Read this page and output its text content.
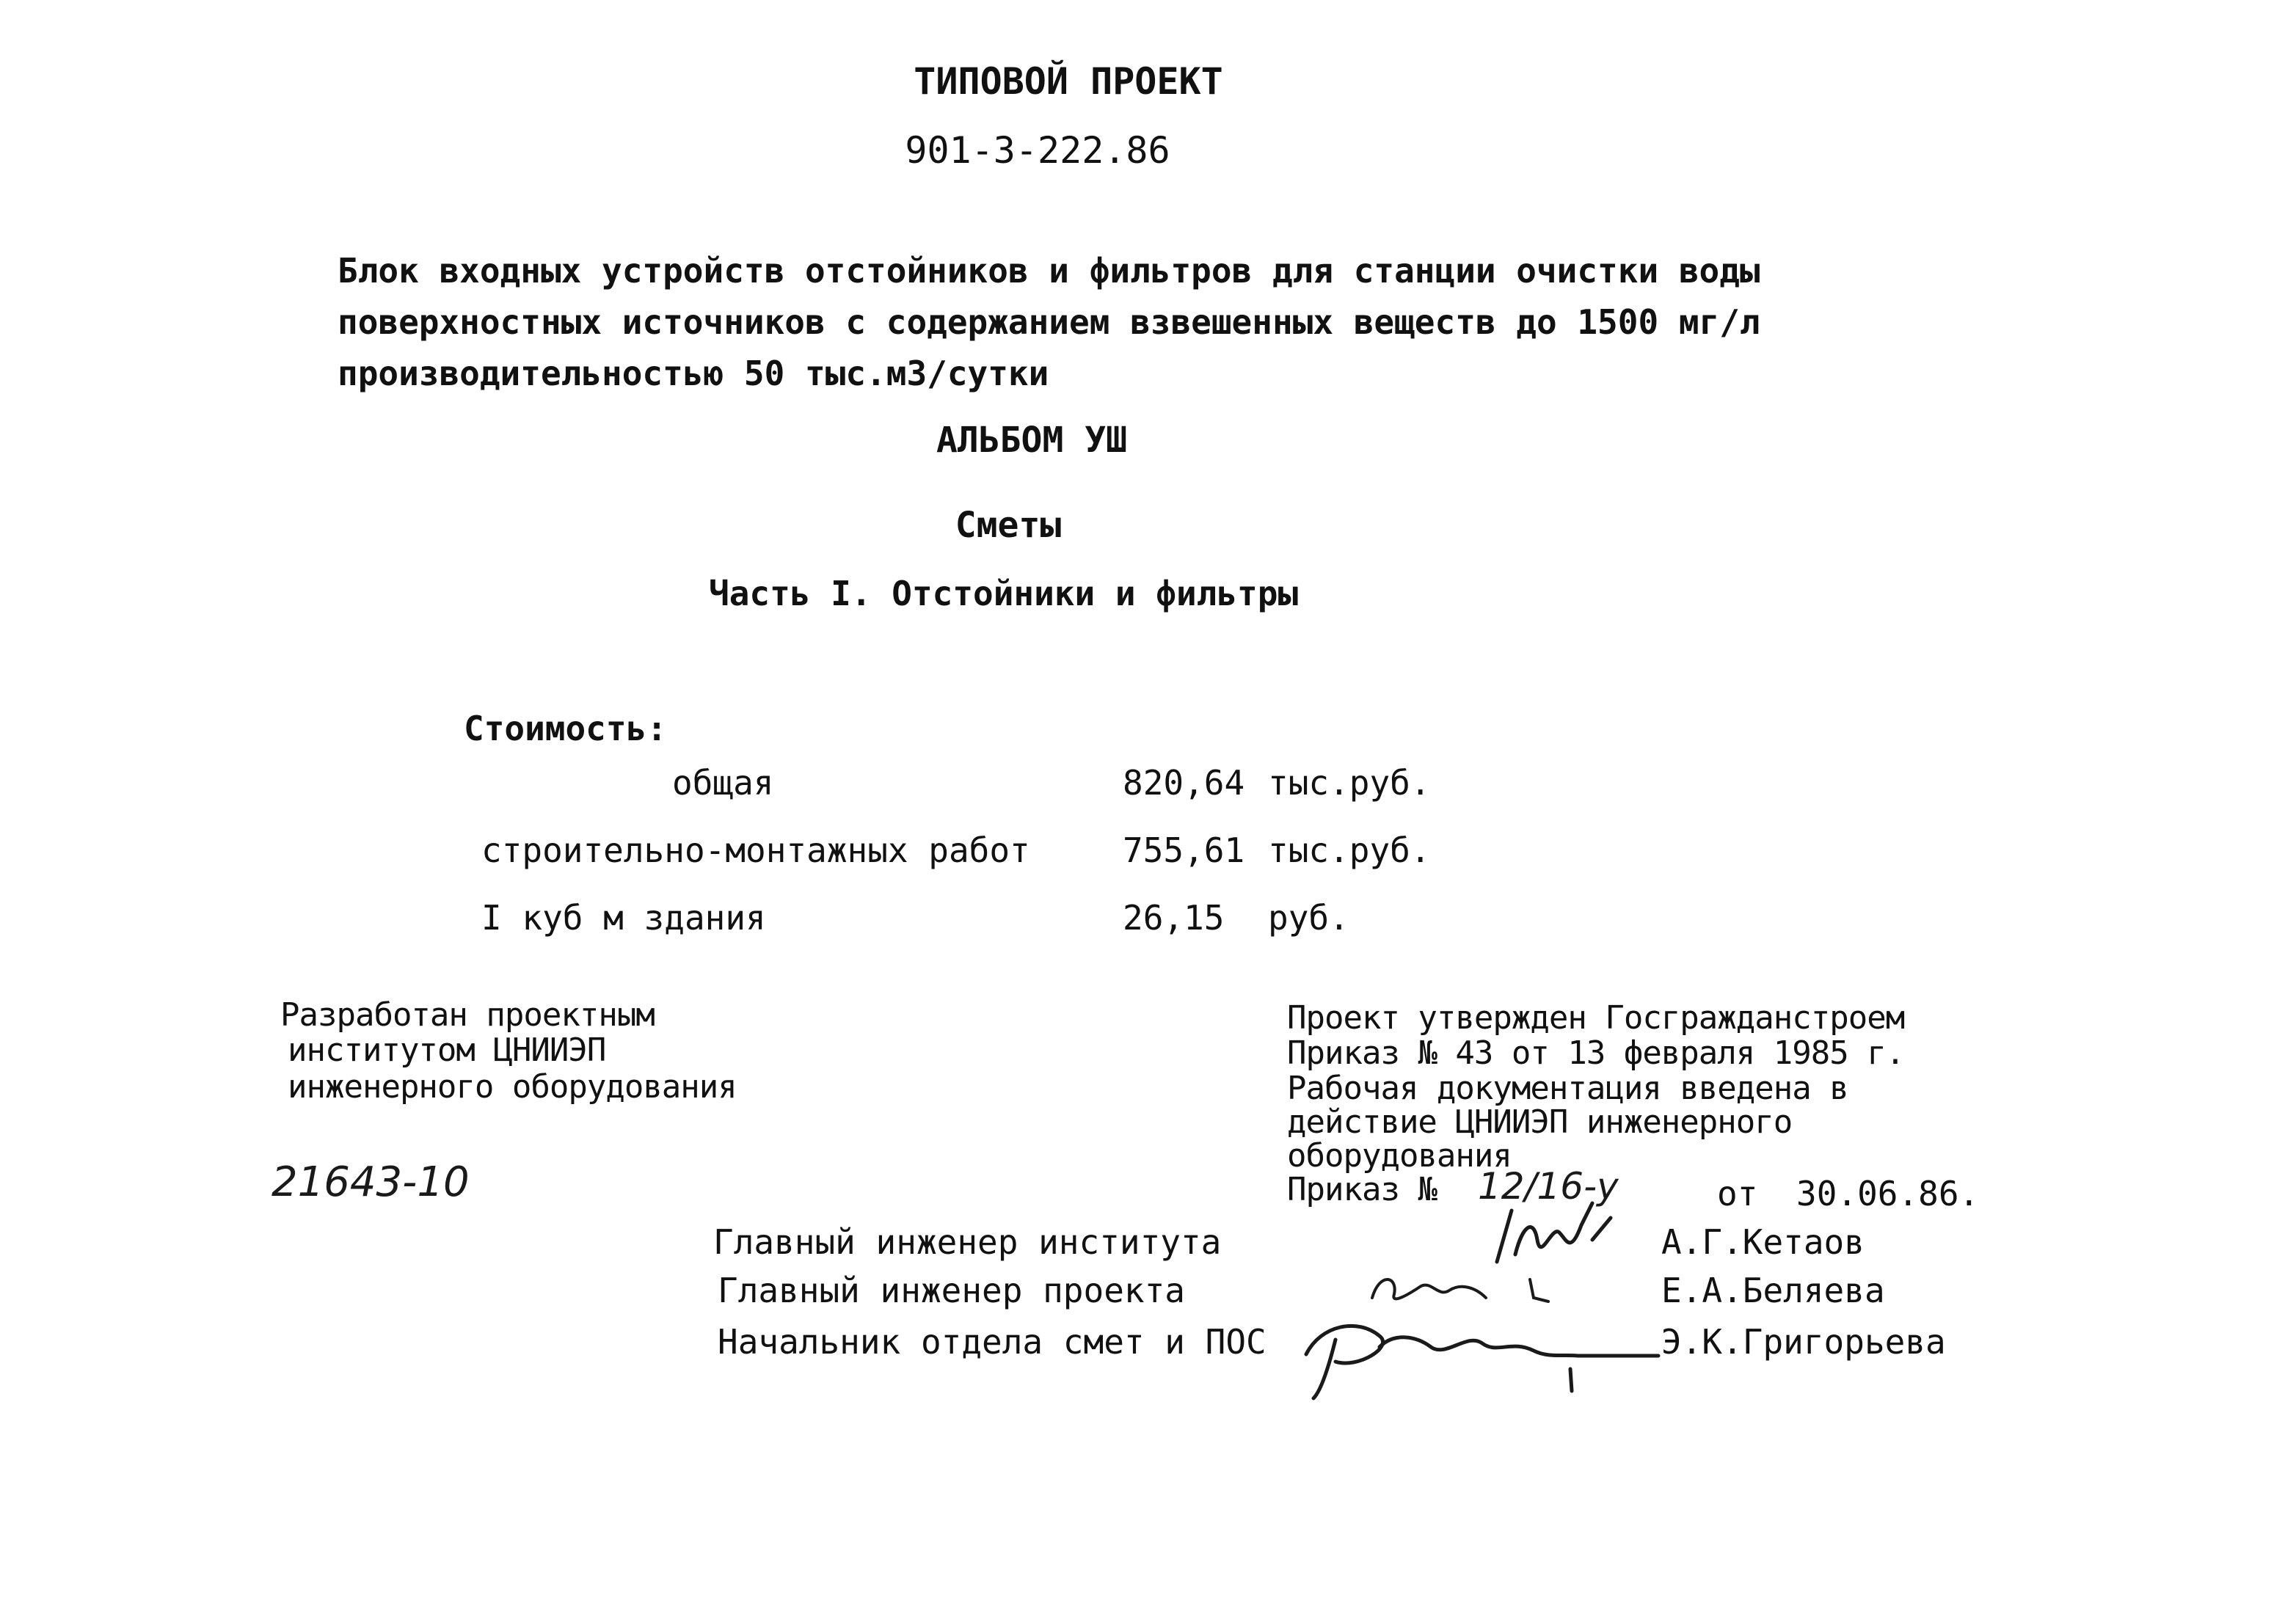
ТИПОВОЙ ПРОЕКТ
901-3-222.86
Блок входных устройств отстойников и фильтров для станции очистки воды
поверхностных источников с содержанием взвешенных веществ до 1500 мг/л
производительностью 50 тыс.м3/сутки
АЛЬБОМ УШ
Сметы
Часть I. Отстойники и фильтры
Стоимость:
общая	820,64 тыс.руб.
строительно-монтажных работ	755,61 тыс.руб.
I куб м здания	26,15 руб.
Разработан проектным
институтом ЦНИИЭП
инженерного оборудования
Проект утвержден Госгражданстроем
Приказ № 43 от 13 февраля 1985 г.
Рабочая документация введена в
действие ЦНИИЭП инженерного
оборудования
Приказ № 12/16-у	от 30.06.86.
21643-10
Главный инженер института	А.Г.Кетаов
Главный инженер проекта	Е.А.Беляева
Начальник отдела смет и ПОС	Э.К.Григорьева
